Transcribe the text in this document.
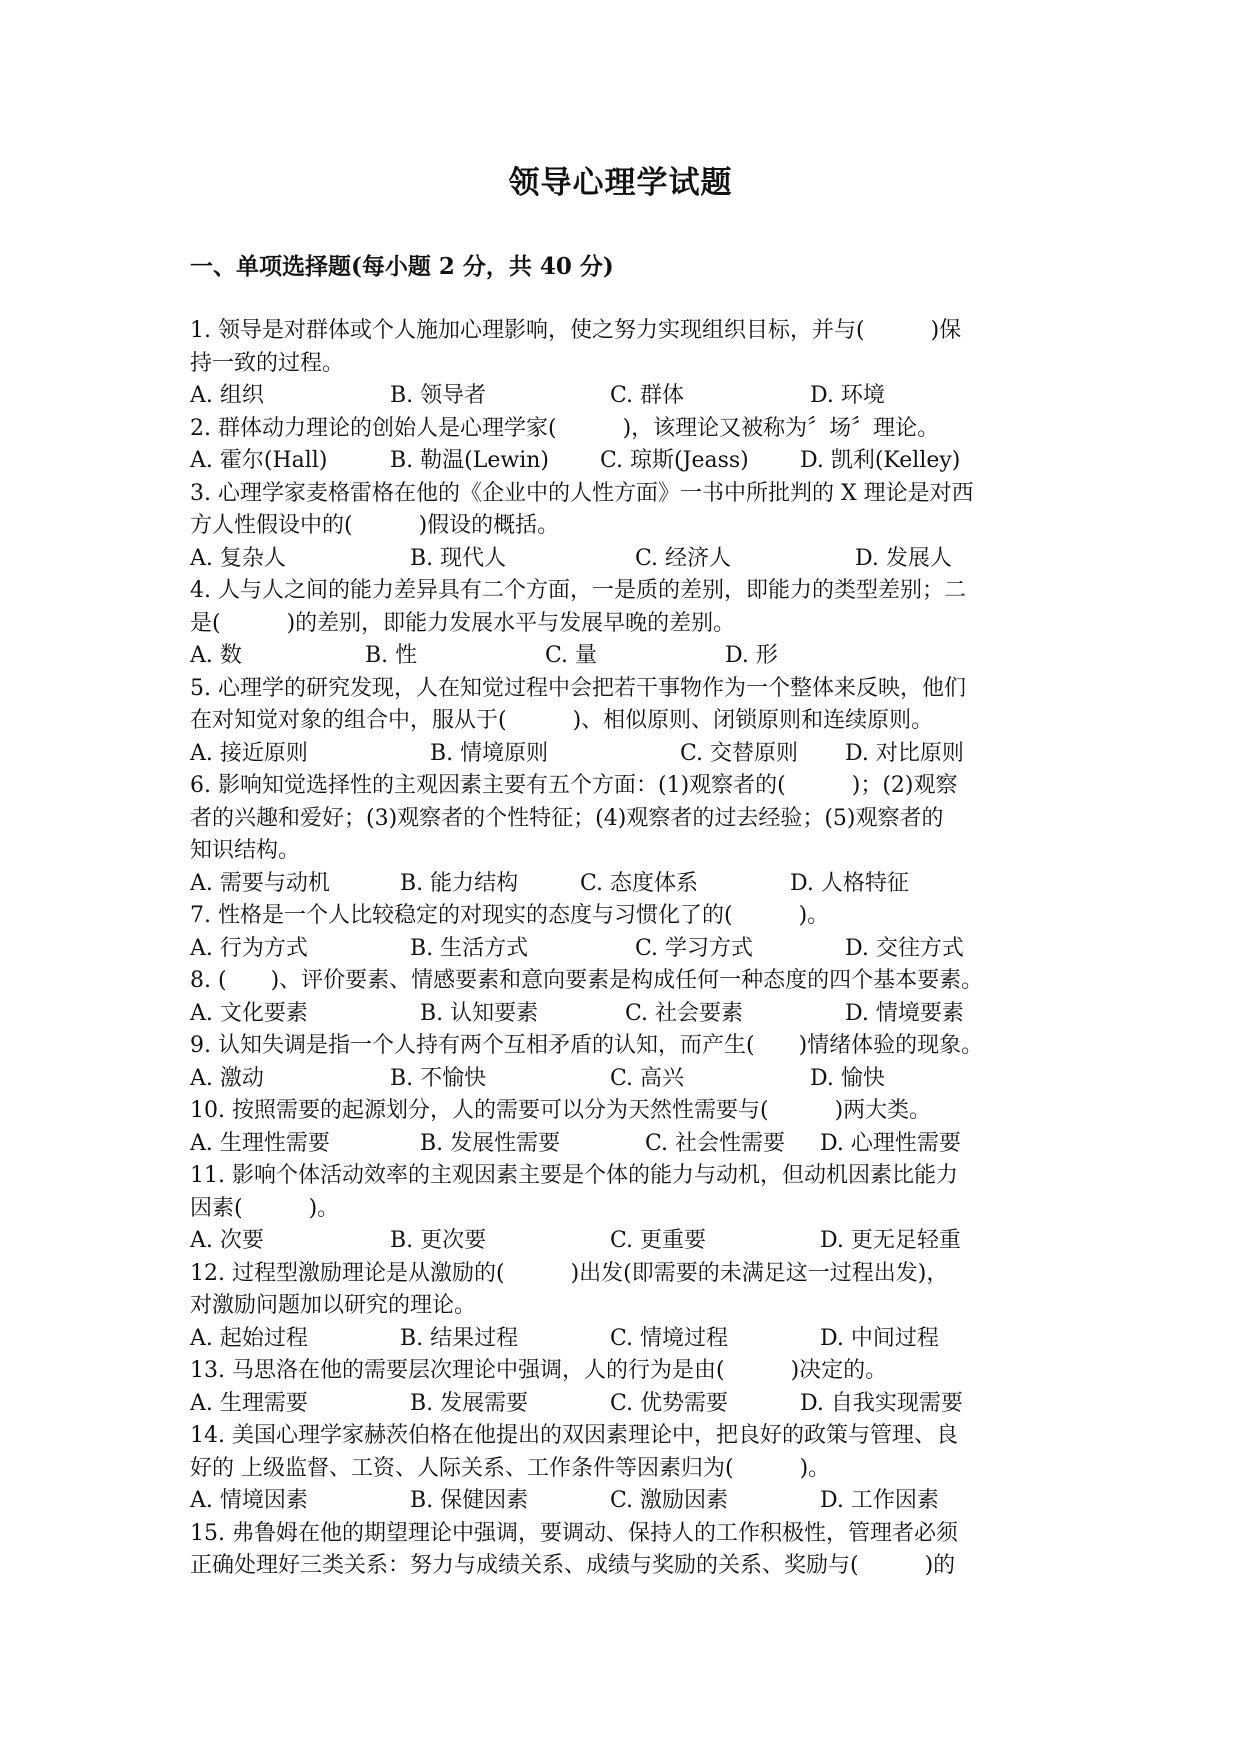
领导心理学试题
一、单项选择题(每小题 2 分，共 40 分)
1. 领导是对群体或个人施加心理影响，使之努力实现组织目标，并与(　　　)保
持一致的过程。
A. 组织	B. 领导者	C. 群体	D. 环境
2. 群体动力理论的创始人是心理学家(　　　)，该理论又被称为〞场〞理论。
A. 霍尔(Hall)	B. 勒温(Lewin) C. 琼斯(Jeass) D. 凯利(Kelley)
3. 心理学家麦格雷格在他的《企业中的人性方面》一书中所批判的 X 理论是对西
方人性假设中的(　　　)假设的概括。
A. 复杂人	B. 现代人	C. 经济人	D. 发展人
4. 人与人之间的能力差异具有二个方面，一是质的差别，即能力的类型差别；二
是(　　　)的差别，即能力发展水平与发展早晚的差别。
A. 数	B. 性	C. 量	D. 形
5. 心理学的研究发现，人在知觉过程中会把若干事物作为一个整体来反映，他们
在对知觉对象的组合中，服从于(　　　)、相似原则、闭锁原则和连续原则。
A. 接近原则	B. 情境原则	C. 交替原则 D. 对比原则
6. 影响知觉选择性的主观因素主要有五个方面：(1)观察者的(　　　)；(2)观察
者的兴趣和爱好；(3)观察者的个性特征；(4)观察者的过去经验；(5)观察者的
知识结构。
A. 需要与动机	B. 能力结构	C. 态度体系	D. 人格特征
7. 性格是一个人比较稳定的对现实的态度与习惯化了的(　　　)。
A. 行为方式	B. 生活方式	C. 学习方式	D. 交往方式
8. (　　)、评价要素、情感要素和意向要素是构成任何一种态度的四个基本要素。
A. 文化要素	B. 认知要素	C. 社会要素	D. 情境要素
9. 认知失调是指一个人持有两个互相矛盾的认知，而产生(　　)情绪体验的现象。
A. 激动	B. 不愉快	C. 高兴	D. 愉快
10. 按照需要的起源划分，人的需要可以分为天然性需要与(　　　)两大类。
A. 生理性需要	B. 发展性需要	C. 社会性需要 D. 心理性需要
11. 影响个体活动效率的主观因素主要是个体的能力与动机，但动机因素比能力
因素(　　　)。
A. 次要	B. 更次要	C. 更重要	D. 更无足轻重
12. 过程型激励理论是从激励的(　　　)出发(即需要的未满足这一过程出发)，
对激励问题加以研究的理论。
A. 起始过程	B. 结果过程	C. 情境过程	D. 中间过程
13. 马思洛在他的需要层次理论中强调，人的行为是由(　　　)决定的。
A. 生理需要	B. 发展需要	C. 优势需要	D. 自我实现需要
14. 美国心理学家赫茨伯格在他提出的双因素理论中，把良好的政策与管理、良
好的 上级监督、工资、人际关系、工作条件等因素归为(　　　)。
A. 情境因素	B. 保健因素	C. 激励因素	D. 工作因素
15. 弗鲁姆在他的期望理论中强调，要调动、保持人的工作积极性，管理者必须
正确处理好三类关系：努力与成绩关系、成绩与奖励的关系、奖励与(　　　)的
